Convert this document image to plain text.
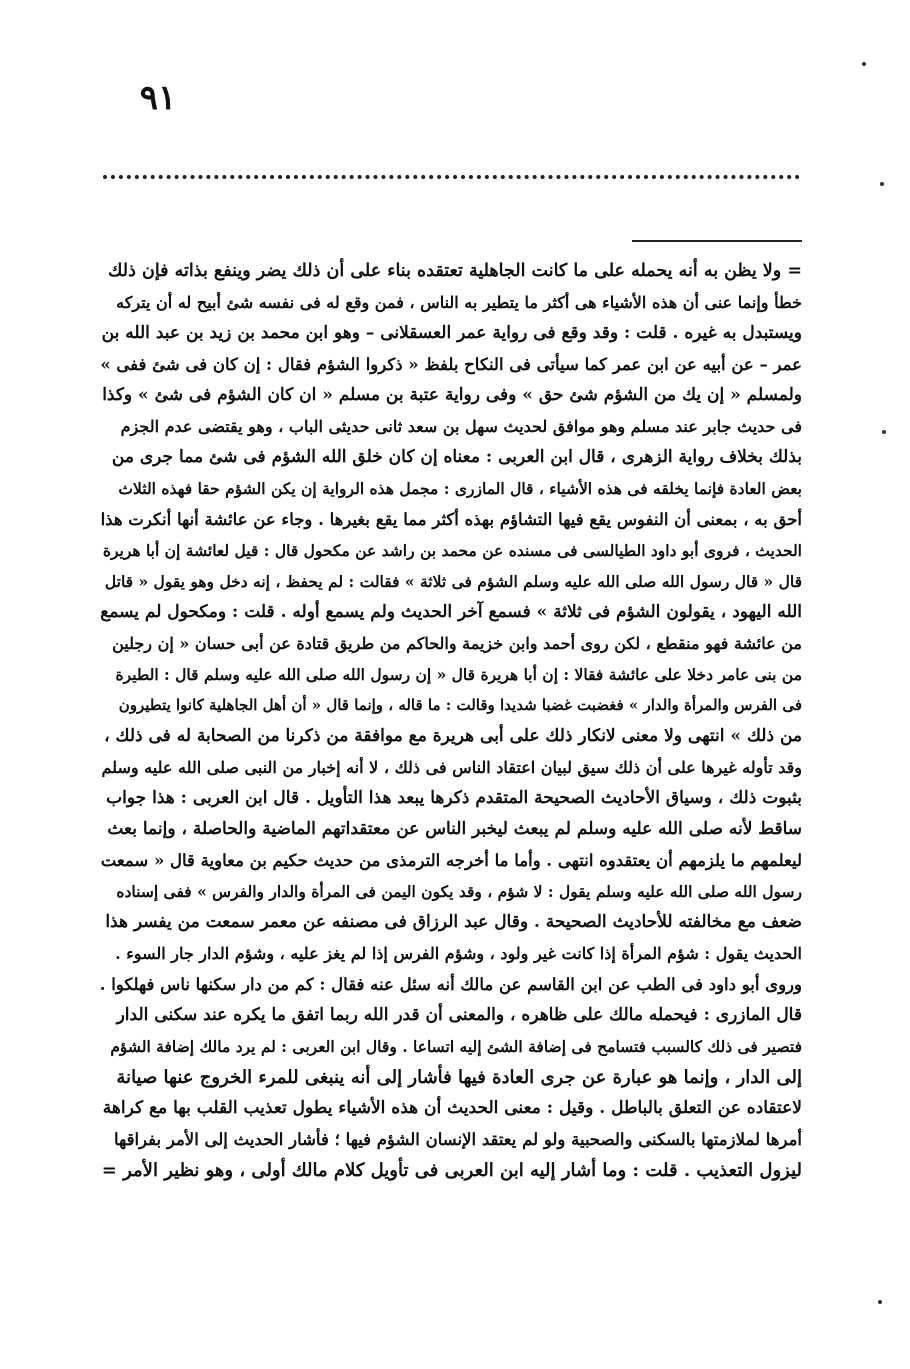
٩١
= ولا يظن به أنه يحمله على ما كانت الجاهلية تعتقده بناء على أن ذلك يضر وينفع بذاته فإن ذلك
خطأ وإنما عنى أن هذه الأشياء هى أكثر ما يتطير به الناس ، فمن وقع له فى نفسه شئ أبيح له أن يتركه
ويستبدل به غيره . قلت : وقد وقع فى رواية عمر العسقلانى – وهو ابن محمد بن زيد بن عبد الله بن
عمر – عن أبيه عن ابن عمر كما سيأتى فى النكاح بلفظ « ذكروا الشؤم فقال : إن كان فى شئ ففى »
ولمسلم « إن يك من الشؤم شئ حق » وفى رواية عتبة بن مسلم « ان كان الشؤم فى شئ » وكذا
فى حديث جابر عند مسلم وهو موافق لحديث سهل بن سعد ثانى حديثى الباب ، وهو يقتضى عدم الجزم
بذلك بخلاف رواية الزهرى ، قال ابن العربى : معناه إن كان خلق الله الشؤم فى شئ مما جرى من
بعض العادة فإنما يخلقه فى هذه الأشياء ، قال المازرى : مجمل هذه الرواية إن يكن الشؤم حقا فهذه الثلاث
أحق به ، بمعنى أن النفوس يقع فيها التشاؤم بهذه أكثر مما يقع بغيرها . وجاء عن عائشة أنها أنكرت هذا
الحديث ، فروى أبو داود الطيالسى فى مسنده عن محمد بن راشد عن مكحول قال : قيل لعائشة إن أبا هريرة
قال « قال رسول الله صلى الله عليه وسلم الشؤم فى ثلاثة » فقالت : لم يحفظ ، إنه دخل وهو يقول « قاتل
الله اليهود ، يقولون الشؤم فى ثلاثة » فسمع آخر الحديث ولم يسمع أوله . قلت : ومكحول لم يسمع
من عائشة فهو منقطع ، لكن روى أحمد وابن خزيمة والحاكم من طريق قتادة عن أبى حسان « إن رجلين
من بنى عامر دخلا على عائشة فقالا : إن أبا هريرة قال « إن رسول الله صلى الله عليه وسلم قال : الطيرة
فى الفرس والمرأة والدار » فغضبت غضبا شديدا وقالت : ما قاله ، وإنما قال « أن أهل الجاهلية كانوا يتطيرون
من ذلك » انتهى ولا معنى لانكار ذلك على أبى هريرة مع موافقة من ذكرنا من الصحابة له فى ذلك ،
وقد تأوله غيرها على أن ذلك سيق لبيان اعتقاد الناس فى ذلك ، لا أنه إخبار من النبى صلى الله عليه وسلم
بثبوت ذلك ، وسياق الأحاديث الصحيحة المتقدم ذكرها يبعد هذا التأويل . قال ابن العربى : هذا جواب
ساقط لأنه صلى الله عليه وسلم لم يبعث ليخبر الناس عن معتقداتهم الماضية والحاصلة ، وإنما بعث
ليعلمهم ما يلزمهم أن يعتقدوه انتهى . وأما ما أخرجه الترمذى من حديث حكيم بن معاوية قال « سمعت
رسول الله صلى الله عليه وسلم يقول : لا شؤم ، وقد يكون اليمن فى المرأة والدار والفرس » ففى إسناده
ضعف مع مخالفته للأحاديث الصحيحة . وقال عبد الرزاق فى مصنفه عن معمر سمعت من يفسر هذا
الحديث يقول : شؤم المرأة إذا كانت غير ولود ، وشؤم الفرس إذا لم يغز عليه ، وشؤم الدار جار السوء .
وروى أبو داود فى الطب عن ابن القاسم عن مالك أنه سئل عنه فقال : كم من دار سكنها ناس فهلكوا .
قال المازرى : فيحمله مالك على ظاهره ، والمعنى أن قدر الله ربما اتفق ما يكره عند سكنى الدار
فتصير فى ذلك كالسبب فتسامح فى إضافة الشئ إليه اتساعا . وقال ابن العربى : لم يرد مالك إضافة الشؤم
إلى الدار ، وإنما هو عبارة عن جرى العادة فيها فأشار إلى أنه ينبغى للمرء الخروج عنها صيانة
لاعتقاده عن التعلق بالباطل . وقيل : معنى الحديث أن هذه الأشياء يطول تعذيب القلب بها مع كراهة
أمرها لملازمتها بالسكنى والصحبية ولو لم يعتقد الإنسان الشؤم فيها ؛ فأشار الحديث إلى الأمر بفراقها
ليزول التعذيب . قلت : وما أشار إليه ابن العربى فى تأويل كلام مالك أولى ، وهو نظير الأمر =
